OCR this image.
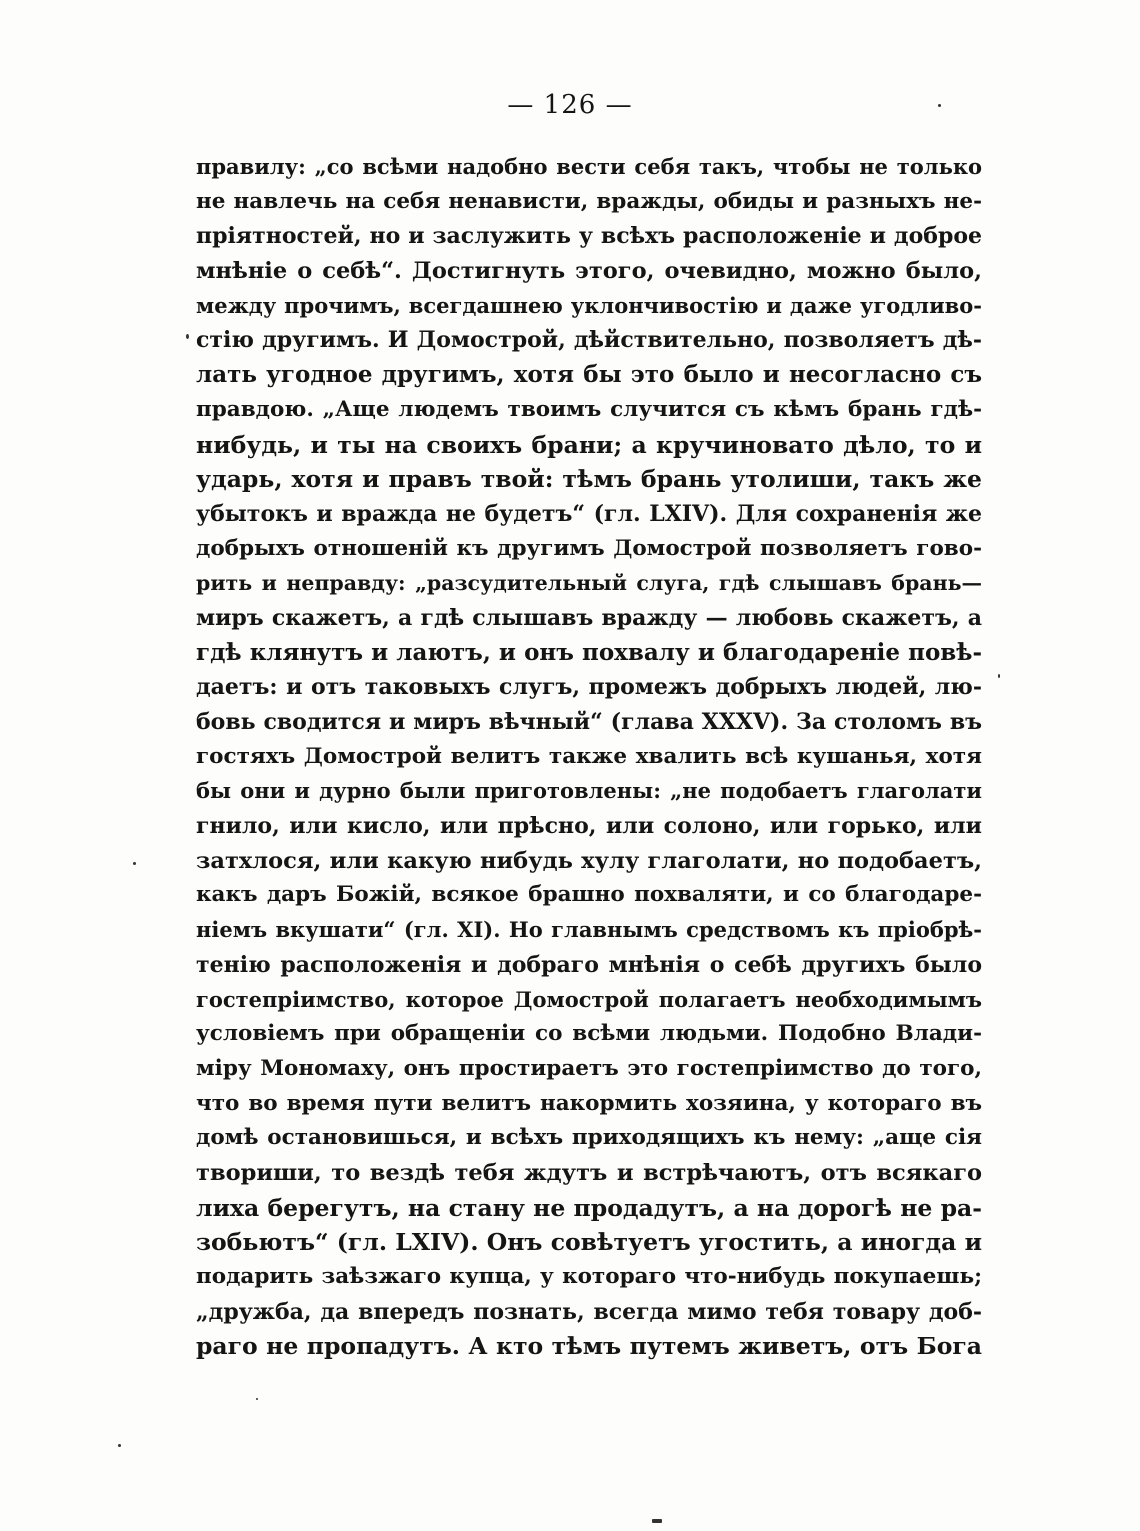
— 126 —
правилу: „со всѣми надобно вести себя такъ, чтобы не только
не навлечь на себя ненависти, вражды, обиды и разныхъ не-
пріятностей, но и заслужить у всѣхъ расположеніе и доброе
мнѣніе о себѣ“. Достигнуть этого, очевидно, можно было,
между прочимъ, всегдашнею уклончивостію и даже угодливо-
стію другимъ. И Домострой, дѣйствительно, позволяетъ дѣ-
лать угодное другимъ, хотя бы это было и несогласно съ
правдою. „Аще людемъ твоимъ случится съ кѣмъ брань гдѣ-
нибудь, и ты на своихъ брани; а кручиновато дѣло, то и
ударь, хотя и правъ твой: тѣмъ брань утолиши, такъ же
убытокъ и вражда не будетъ“ (гл. LXIV). Для сохраненія же
добрыхъ отношеній къ другимъ Домострой позволяетъ гово-
рить и неправду: „разсудительный слуга, гдѣ слышавъ брань—
миръ скажетъ, а гдѣ слышавъ вражду — любовь скажетъ, а
гдѣ клянутъ и лаютъ, и онъ похвалу и благодареніе повѣ-
даетъ: и отъ таковыхъ слугъ, промежъ добрыхъ людей, лю-
бовь сводится и миръ вѣчный“ (глава XXXV). За столомъ въ
гостяхъ Домострой велитъ также хвалить всѣ кушанья, хотя
бы они и дурно были приготовлены: „не подобаетъ глаголати
гнило, или кисло, или прѣсно, или солоно, или горько, или
затхлося, или какую нибудь хулу глаголати, но подобаетъ,
какъ даръ Божій, всякое брашно похваляти, и со благодаре-
ніемъ вкушати“ (гл. XI). Но главнымъ средствомъ къ пріобрѣ-
тенію расположенія и добраго мнѣнія о себѣ другихъ было
гостепріимство, которое Домострой полагаетъ необходимымъ
условіемъ при обращеніи со всѣми людьми. Подобно Влади-
міру Мономаху, онъ простираетъ это гостепріимство до того,
что во время пути велитъ накормить хозяина, у котораго въ
домѣ остановишься, и всѣхъ приходящихъ къ нему: „аще сія
твориши, то вездѣ тебя ждутъ и встрѣчаютъ, отъ всякаго
лиха берегутъ, на стану не продадутъ, а на дорогѣ не ра-
зобьютъ“ (гл. LXIV). Онъ совѣтуетъ угостить, а иногда и
подарить заѣзжаго купца, у котораго что-нибудь покупаешь;
„дружба, да впередъ познать, всегда мимо тебя товару доб-
раго не пропадутъ. А кто тѣмъ путемъ живетъ, отъ Бога
